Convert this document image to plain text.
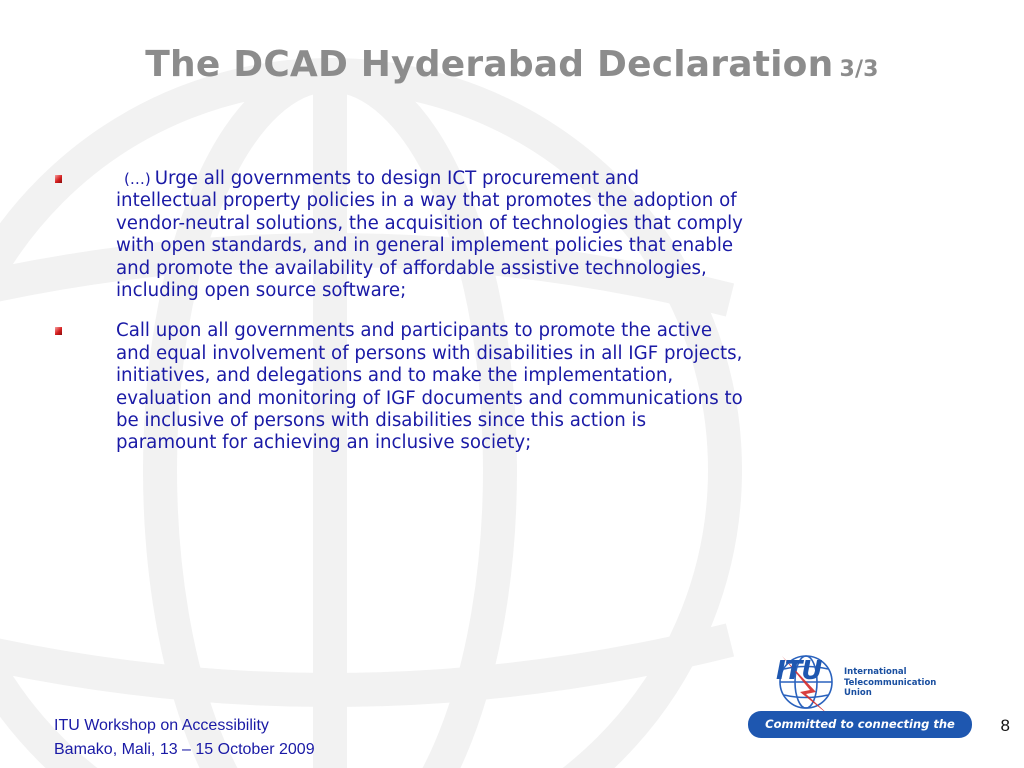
The DCAD Hyderabad Declaration 3/3
(…) Urge all governments to design ICT procurement and
intellectual property policies in a way that promotes the adoption of
vendor-neutral solutions, the acquisition of technologies that comply
with open standards, and in general implement policies that enable
and promote the availability of affordable assistive technologies,
including open source software;
Call upon all governments and participants to promote the active
and equal involvement of persons with disabilities in all IGF projects,
initiatives, and delegations and to make the implementation,
evaluation and monitoring of IGF documents and communications to
be inclusive of persons with disabilities since this action is
paramount for achieving an inclusive society;
ITU	International
Telecommunication
Union
Committed to connecting the world
ITU Workshop on Accessibility
Bamako, Mali, 13 – 15 October 2009
8
